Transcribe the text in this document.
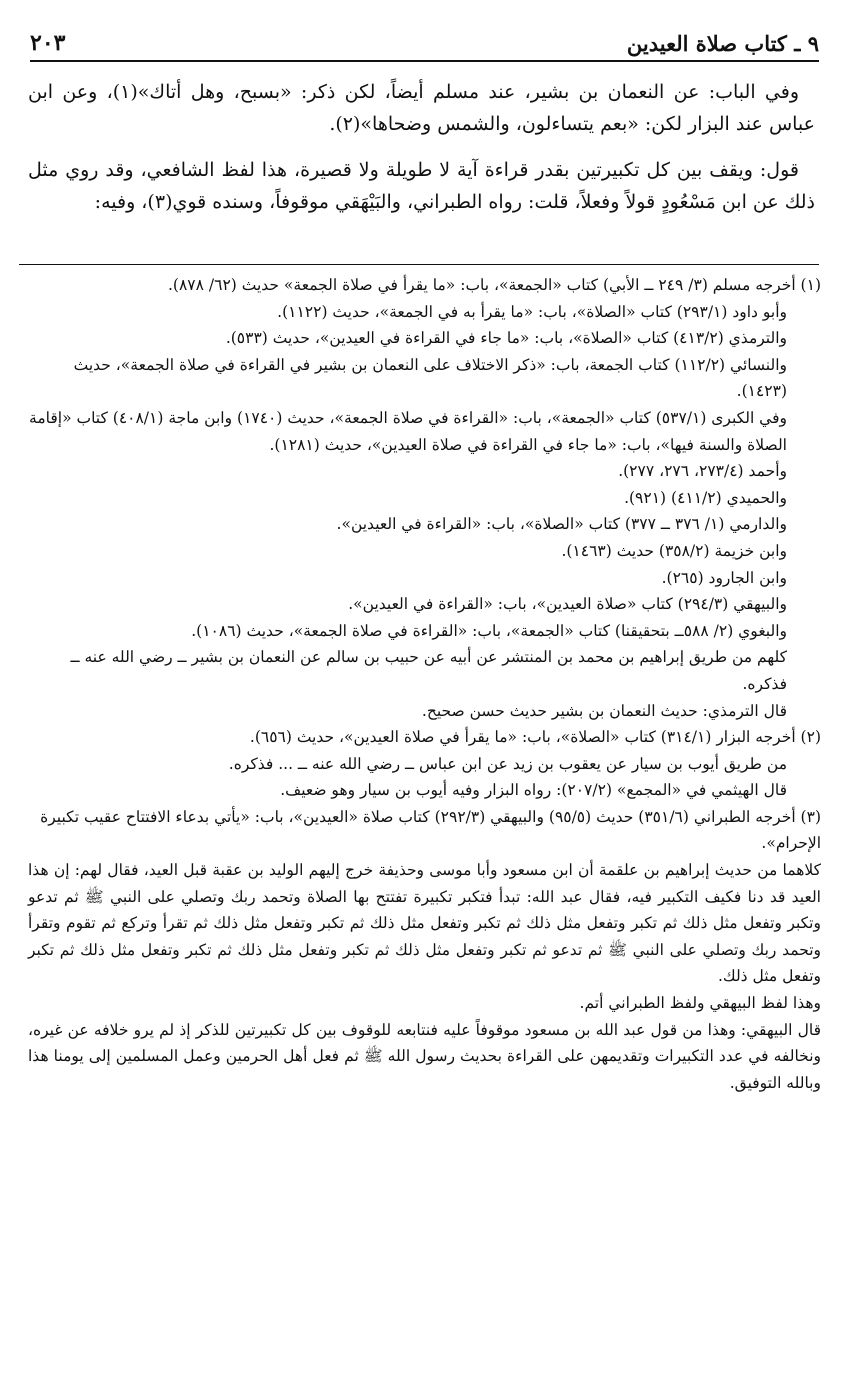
٩ ـ كتاب صلاة العيدين
٢٠٣

وفي الباب: عن النعمان بن بشير، عند مسلم أيضاً، لكن ذكر: «بسبح، وهل أتاك»(١)، وعن ابن عباس عند البزار لكن: «بعم يتساءلون، والشمس وضحاها»(٢).

قول: ويقف بين كل تكبيرتين بقدر قراءة آية لا طويلة ولا قصيرة، هذا لفظ الشافعي، وقد روي مثل ذلك عن ابن مَسْعُودٍ قولاً وفعلاً، قلت: رواه الطبراني، والبَيْهَقي موقوفاً، وسنده قوي(٣)، وفيه:

(١) أخرجه مسلم (٣/ ٢٤٩ ــ الأبي) كتاب «الجمعة»، باب: «ما يقرأ في صلاة الجمعة» حديث (٦٢/ ٨٧٨).

وأبو داود (٢٩٣/١) كتاب «الصلاة»، باب: «ما يقرأ به في الجمعة»، حديث (١١٢٢).

والترمذي (٤١٣/٢) كتاب «الصلاة»، باب: «ما جاء في القراءة في العيدين»، حديث (٥٣٣).

والنسائي (١١٢/٢) كتاب الجمعة، باب: «ذكر الاختلاف على النعمان بن بشير في القراءة في صلاة الجمعة»، حديث (١٤٢٣).

وفي الكبرى (٥٣٧/١) كتاب «الجمعة»، باب: «القراءة في صلاة الجمعة»، حديث (١٧٤٠) وابن ماجة (٤٠٨/١) كتاب «إقامة الصلاة والسنة فيها»، باب: «ما جاء في القراءة في صلاة العيدين»، حديث (١٢٨١).

وأحمد (٢٧٣/٤، ٢٧٦، ٢٧٧).

والحميدي (٤١١/٢) (٩٢١).

والدارمي (١/ ٣٧٦ ــ ٣٧٧) كتاب «الصلاة»، باب: «القراءة في العيدين».

وابن خزيمة (٣٥٨/٢) حديث (١٤٦٣).

وابن الجارود (٢٦٥).

والبيهقي (٢٩٤/٣) كتاب «صلاة العيدين»، باب: «القراءة في العيدين».

والبغوي (٢/ ٥٨٨ــ بتحقيقنا) كتاب «الجمعة»، باب: «القراءة في صلاة الجمعة»، حديث (١٠٨٦).

كلهم من طريق إبراهيم بن محمد بن المنتشر عن أبيه عن حبيب بن سالم عن النعمان بن بشير ــ رضي الله عنه ــ فذكره.

قال الترمذي: حديث النعمان بن بشير حديث حسن صحيح.

(٢) أخرجه البزار (٣١٤/١) كتاب «الصلاة»، باب: «ما يقرأ في صلاة العيدين»، حديث (٦٥٦).

من طريق أيوب بن سيار عن يعقوب بن زيد عن ابن عباس ــ رضي الله عنه ــ ... فذكره.

قال الهيثمي في «المجمع» (٢٠٧/٢): رواه البزار وفيه أيوب بن سيار وهو ضعيف.

(٣) أخرجه الطبراني (٣٥١/٦) حديث (٩٥/٥) والبيهقي (٢٩٢/٣) كتاب صلاة «العيدين»، باب: «يأتي بدعاء الافتتاح عقيب تكبيرة الإحرام».

كلاهما من حديث إبراهيم بن علقمة أن ابن مسعود وأبا موسى وحذيفة خرج إليهم الوليد بن عقبة قبل العيد، فقال لهم: إن هذا العيد قد دنا فكيف التكبير فيه، فقال عبد الله: تبدأ فتكبر تكبيرة تفتتح بها الصلاة وتحمد ربك وتصلي على النبي ﷺ ثم تدعو وتكبر وتفعل مثل ذلك ثم تكبر وتفعل مثل ذلك ثم تكبر وتفعل مثل ذلك ثم تكبر وتفعل مثل ذلك ثم تقرأ وتركع ثم تقوم وتقرأ وتحمد ربك وتصلي على النبي ﷺ ثم تدعو ثم تكبر وتفعل مثل ذلك ثم تكبر وتفعل مثل ذلك ثم تكبر وتفعل مثل ذلك ثم تكبر وتفعل مثل ذلك.

وهذا لفظ البيهقي ولفظ الطبراني أتم.

قال البيهقي: وهذا من قول عبد الله بن مسعود موقوفاً عليه فنتابعه للوقوف بين كل تكبيرتين للذكر إذ لم يرو خلافه عن غيره، ونخالفه في عدد التكبيرات وتقديمهن على القراءة بحديث رسول الله ﷺ ثم فعل أهل الحرمين وعمل المسلمين إلى يومنا هذا وبالله التوفيق.
